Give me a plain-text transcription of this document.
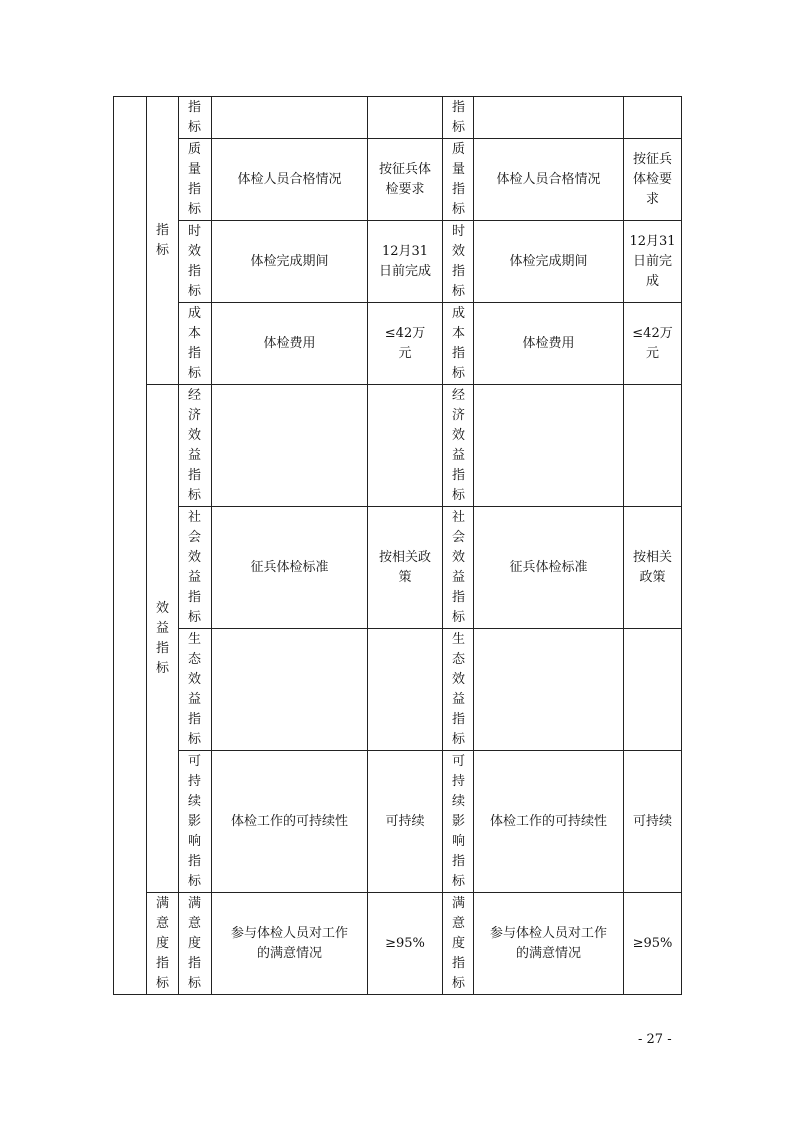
	指标	指标			指标		

		质量指标	体检人员合格情况	按征兵体检要求	质量指标	体检人员合格情况	按征兵体检要求

		时效指标	体检完成期间	12月31日前完成	时效指标	体检完成期间	12月31日前完成

		成本指标	体检费用	≤42万元	成本指标	体检费用	≤42万元

	效益指标	经济效益指标			经济效益指标		

		社会效益指标	征兵体检标准	按相关政策	社会效益指标	征兵体检标准	按相关政策

		生态效益指标			生态效益指标		

		可持续影响指标	体检工作的可持续性	可持续	可持续影响指标	体检工作的可持续性	可持续

	满意度指标	满意度指标	参与体检人员对工作的满意情况	≥95%	满意度指标	参与体检人员对工作的满意情况	≥95%
- 27 -
